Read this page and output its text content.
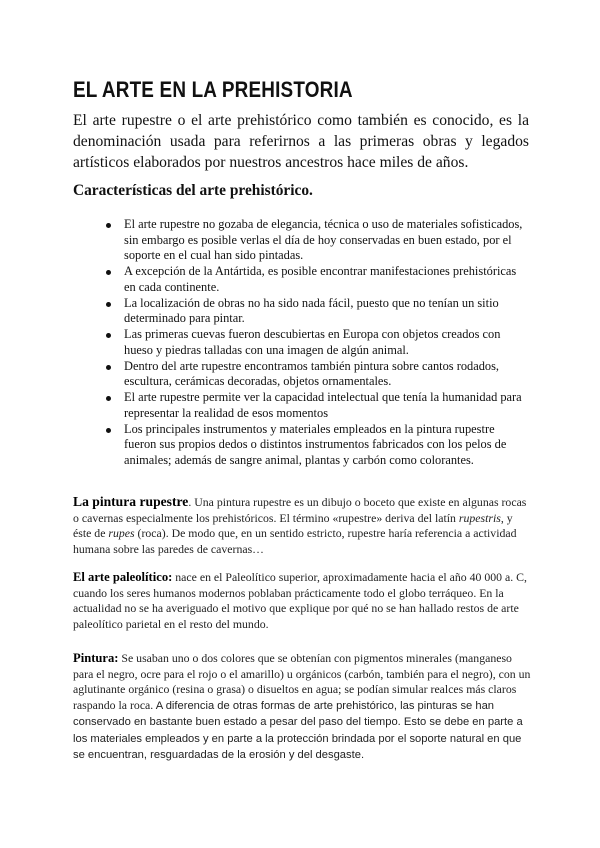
EL ARTE EN LA PREHISTORIA

El arte rupestre o el arte prehistórico como también es conocido, es la denominación usada para referirnos a las primeras obras y legados artísticos elaborados por nuestros ancestros hace miles de años.

Características del arte prehistórico.
El arte rupestre no gozaba de elegancia, técnica o uso de materiales sofisticados, sin embargo es posible verlas el día de hoy conservadas en buen estado, por el soporte en el cual han sido pintadas.
A excepción de la Antártida, es posible encontrar manifestaciones prehistóricas en cada continente.
La localización de obras no ha sido nada fácil, puesto que no tenían un sitio determinado para pintar.
Las primeras cuevas fueron descubiertas en Europa con objetos creados con hueso y piedras talladas con una imagen de algún animal.
Dentro del arte rupestre encontramos también pintura sobre cantos rodados, escultura, cerámicas decoradas, objetos ornamentales.
El arte rupestre permite ver la capacidad intelectual que tenía la humanidad para representar la realidad de esos momentos
Los principales instrumentos y materiales empleados en la pintura rupestre fueron sus propios dedos o distintos instrumentos fabricados con los pelos de animales; además de sangre animal, plantas y carbón como colorantes.

La pintura rupestre. Una pintura rupestre es un dibujo o boceto que existe en algunas rocas o cavernas especialmente los prehistóricos. El término «rupestre» deriva del latín rupestris, y éste de rupes (roca). De modo que, en un sentido estricto, rupestre haría referencia a actividad humana sobre las paredes de cavernas…

El arte paleolítico: nace en el Paleolítico superior, aproximadamente hacia el año 40 000 a. C, cuando los seres humanos modernos poblaban prácticamente todo el globo terráqueo. En la actualidad no se ha averiguado el motivo que explique por qué no se han hallado restos de arte paleolítico parietal en el resto del mundo.

Pintura: Se usaban uno o dos colores que se obtenían con pigmentos minerales (manganeso para el negro, ocre para el rojo o el amarillo) u orgánicos (carbón, también para el negro), con un aglutinante orgánico (resina o grasa) o disueltos en agua; se podían simular realces más claros raspando la roca. A diferencia de otras formas de arte prehistórico, las pinturas se han conservado en bastante buen estado a pesar del paso del tiempo. Esto se debe en parte a los materiales empleados y en parte a la protección brindada por el soporte natural en que se encuentran, resguardadas de la erosión y del desgaste.
